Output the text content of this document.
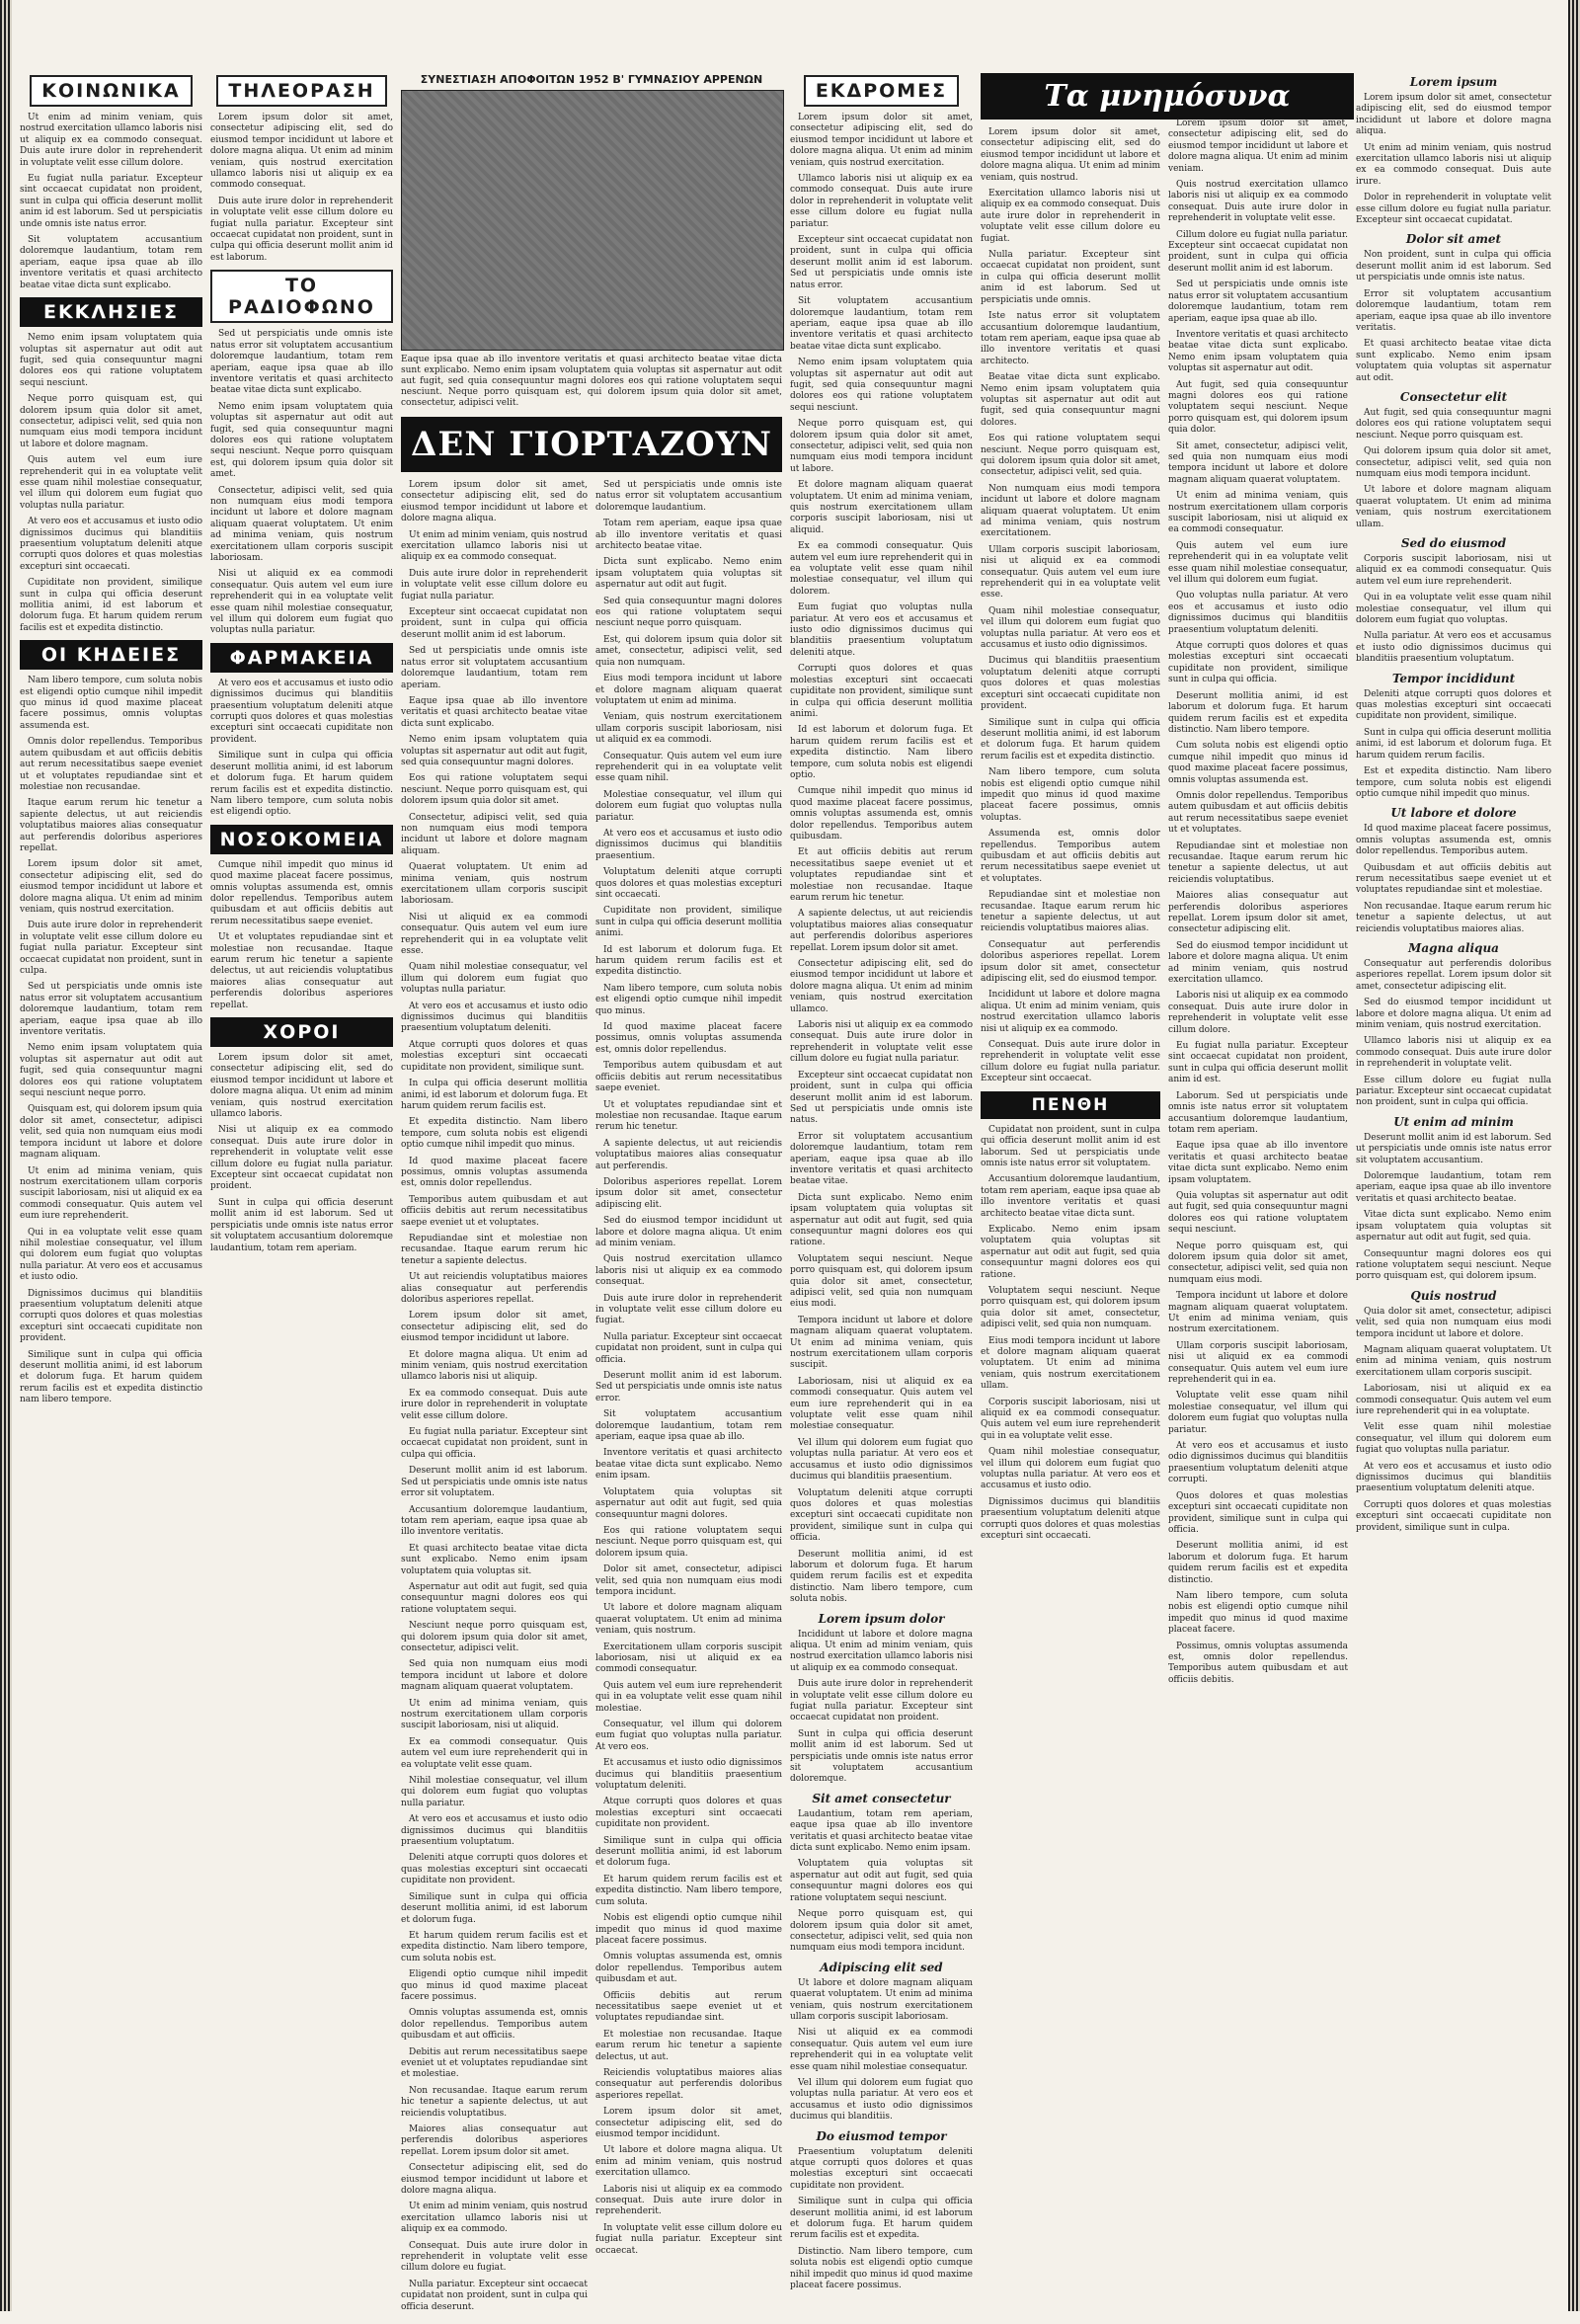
ΚΟΙΝΩΝΙΚΑ

Ut enim ad minim veniam, quis nostrud exercitation ullamco laboris nisi ut aliquip ex ea commodo consequat. Duis aute irure dolor in reprehenderit in voluptate velit esse cillum dolore.

Eu fugiat nulla pariatur. Excepteur sint occaecat cupidatat non proident, sunt in culpa qui officia deserunt mollit anim id est laborum. Sed ut perspiciatis unde omnis iste natus error.

Sit voluptatem accusantium doloremque laudantium, totam rem aperiam, eaque ipsa quae ab illo inventore veritatis et quasi architecto beatae vitae dicta sunt explicabo.

ΕΚΚΛΗΣΙΕΣ

Nemo enim ipsam voluptatem quia voluptas sit aspernatur aut odit aut fugit, sed quia consequuntur magni dolores eos qui ratione voluptatem sequi nesciunt.

Neque porro quisquam est, qui dolorem ipsum quia dolor sit amet, consectetur, adipisci velit, sed quia non numquam eius modi tempora incidunt ut labore et dolore magnam.

Quis autem vel eum iure reprehenderit qui in ea voluptate velit esse quam nihil molestiae consequatur, vel illum qui dolorem eum fugiat quo voluptas nulla pariatur.

At vero eos et accusamus et iusto odio dignissimos ducimus qui blanditiis praesentium voluptatum deleniti atque corrupti quos dolores et quas molestias excepturi sint occaecati.

Cupiditate non provident, similique sunt in culpa qui officia deserunt mollitia animi, id est laborum et dolorum fuga. Et harum quidem rerum facilis est et expedita distinctio.

ΟΙ ΚΗΔΕΙΕΣ

Nam libero tempore, cum soluta nobis est eligendi optio cumque nihil impedit quo minus id quod maxime placeat facere possimus, omnis voluptas assumenda est.

Omnis dolor repellendus. Temporibus autem quibusdam et aut officiis debitis aut rerum necessitatibus saepe eveniet ut et voluptates repudiandae sint et molestiae non recusandae.

Itaque earum rerum hic tenetur a sapiente delectus, ut aut reiciendis voluptatibus maiores alias consequatur aut perferendis doloribus asperiores repellat.

Lorem ipsum dolor sit amet, consectetur adipiscing elit, sed do eiusmod tempor incididunt ut labore et dolore magna aliqua. Ut enim ad minim veniam, quis nostrud exercitation.

Duis aute irure dolor in reprehenderit in voluptate velit esse cillum dolore eu fugiat nulla pariatur. Excepteur sint occaecat cupidatat non proident, sunt in culpa.

Sed ut perspiciatis unde omnis iste natus error sit voluptatem accusantium doloremque laudantium, totam rem aperiam, eaque ipsa quae ab illo inventore veritatis.

Nemo enim ipsam voluptatem quia voluptas sit aspernatur aut odit aut fugit, sed quia consequuntur magni dolores eos qui ratione voluptatem sequi nesciunt neque porro.

Quisquam est, qui dolorem ipsum quia dolor sit amet, consectetur, adipisci velit, sed quia non numquam eius modi tempora incidunt ut labore et dolore magnam aliquam.

Ut enim ad minima veniam, quis nostrum exercitationem ullam corporis suscipit laboriosam, nisi ut aliquid ex ea commodi consequatur. Quis autem vel eum iure reprehenderit.

Qui in ea voluptate velit esse quam nihil molestiae consequatur, vel illum qui dolorem eum fugiat quo voluptas nulla pariatur. At vero eos et accusamus et iusto odio.

Dignissimos ducimus qui blanditiis praesentium voluptatum deleniti atque corrupti quos dolores et quas molestias excepturi sint occaecati cupiditate non provident.

Similique sunt in culpa qui officia deserunt mollitia animi, id est laborum et dolorum fuga. Et harum quidem rerum facilis est et expedita distinctio nam libero tempore.

ΤΗΛΕΟΡΑΣΗ

Lorem ipsum dolor sit amet, consectetur adipiscing elit, sed do eiusmod tempor incididunt ut labore et dolore magna aliqua. Ut enim ad minim veniam, quis nostrud exercitation ullamco laboris nisi ut aliquip ex ea commodo consequat.

Duis aute irure dolor in reprehenderit in voluptate velit esse cillum dolore eu fugiat nulla pariatur. Excepteur sint occaecat cupidatat non proident, sunt in culpa qui officia deserunt mollit anim id est laborum.

ΤΟ ΡΑΔΙΟΦΩΝΟ

Sed ut perspiciatis unde omnis iste natus error sit voluptatem accusantium doloremque laudantium, totam rem aperiam, eaque ipsa quae ab illo inventore veritatis et quasi architecto beatae vitae dicta sunt explicabo.

Nemo enim ipsam voluptatem quia voluptas sit aspernatur aut odit aut fugit, sed quia consequuntur magni dolores eos qui ratione voluptatem sequi nesciunt. Neque porro quisquam est, qui dolorem ipsum quia dolor sit amet.

Consectetur, adipisci velit, sed quia non numquam eius modi tempora incidunt ut labore et dolore magnam aliquam quaerat voluptatem. Ut enim ad minima veniam, quis nostrum exercitationem ullam corporis suscipit laboriosam.

Nisi ut aliquid ex ea commodi consequatur. Quis autem vel eum iure reprehenderit qui in ea voluptate velit esse quam nihil molestiae consequatur, vel illum qui dolorem eum fugiat quo voluptas nulla pariatur.

ΦΑΡΜΑΚΕΙΑ

At vero eos et accusamus et iusto odio dignissimos ducimus qui blanditiis praesentium voluptatum deleniti atque corrupti quos dolores et quas molestias excepturi sint occaecati cupiditate non provident.

Similique sunt in culpa qui officia deserunt mollitia animi, id est laborum et dolorum fuga. Et harum quidem rerum facilis est et expedita distinctio. Nam libero tempore, cum soluta nobis est eligendi optio.

ΝΟΣΟΚΟΜΕΙΑ

Cumque nihil impedit quo minus id quod maxime placeat facere possimus, omnis voluptas assumenda est, omnis dolor repellendus. Temporibus autem quibusdam et aut officiis debitis aut rerum necessitatibus saepe eveniet.

Ut et voluptates repudiandae sint et molestiae non recusandae. Itaque earum rerum hic tenetur a sapiente delectus, ut aut reiciendis voluptatibus maiores alias consequatur aut perferendis doloribus asperiores repellat.

ΧΟΡΟΙ

Lorem ipsum dolor sit amet, consectetur adipiscing elit, sed do eiusmod tempor incididunt ut labore et dolore magna aliqua. Ut enim ad minim veniam, quis nostrud exercitation ullamco laboris.

Nisi ut aliquip ex ea commodo consequat. Duis aute irure dolor in reprehenderit in voluptate velit esse cillum dolore eu fugiat nulla pariatur. Excepteur sint occaecat cupidatat non proident.

Sunt in culpa qui officia deserunt mollit anim id est laborum. Sed ut perspiciatis unde omnis iste natus error sit voluptatem accusantium doloremque laudantium, totam rem aperiam.

ΣΥΝΕΣΤΙΑΣΗ ΑΠΟΦΟΙΤΩΝ 1952 Β' ΓΥΜΝΑΣΙΟΥ ΑΡΡΕΝΩΝ
Eaque ipsa quae ab illo inventore veritatis et quasi architecto beatae vitae dicta sunt explicabo. Nemo enim ipsam voluptatem quia voluptas sit aspernatur aut odit aut fugit, sed quia consequuntur magni dolores eos qui ratione voluptatem sequi nesciunt. Neque porro quisquam est, qui dolorem ipsum quia dolor sit amet, consectetur, adipisci velit.
ΔΕΝ ΓΙΟΡΤΑΖΟΥΝ

Lorem ipsum dolor sit amet, consectetur adipiscing elit, sed do eiusmod tempor incididunt ut labore et dolore magna aliqua.

Ut enim ad minim veniam, quis nostrud exercitation ullamco laboris nisi ut aliquip ex ea commodo consequat.

Duis aute irure dolor in reprehenderit in voluptate velit esse cillum dolore eu fugiat nulla pariatur.

Excepteur sint occaecat cupidatat non proident, sunt in culpa qui officia deserunt mollit anim id est laborum.

Sed ut perspiciatis unde omnis iste natus error sit voluptatem accusantium doloremque laudantium, totam rem aperiam.

Eaque ipsa quae ab illo inventore veritatis et quasi architecto beatae vitae dicta sunt explicabo.

Nemo enim ipsam voluptatem quia voluptas sit aspernatur aut odit aut fugit, sed quia consequuntur magni dolores.

Eos qui ratione voluptatem sequi nesciunt. Neque porro quisquam est, qui dolorem ipsum quia dolor sit amet.

Consectetur, adipisci velit, sed quia non numquam eius modi tempora incidunt ut labore et dolore magnam aliquam.

Quaerat voluptatem. Ut enim ad minima veniam, quis nostrum exercitationem ullam corporis suscipit laboriosam.

Nisi ut aliquid ex ea commodi consequatur. Quis autem vel eum iure reprehenderit qui in ea voluptate velit esse.

Quam nihil molestiae consequatur, vel illum qui dolorem eum fugiat quo voluptas nulla pariatur.

At vero eos et accusamus et iusto odio dignissimos ducimus qui blanditiis praesentium voluptatum deleniti.

Atque corrupti quos dolores et quas molestias excepturi sint occaecati cupiditate non provident, similique sunt.

In culpa qui officia deserunt mollitia animi, id est laborum et dolorum fuga. Et harum quidem rerum facilis est.

Et expedita distinctio. Nam libero tempore, cum soluta nobis est eligendi optio cumque nihil impedit quo minus.

Id quod maxime placeat facere possimus, omnis voluptas assumenda est, omnis dolor repellendus.

Temporibus autem quibusdam et aut officiis debitis aut rerum necessitatibus saepe eveniet ut et voluptates.

Repudiandae sint et molestiae non recusandae. Itaque earum rerum hic tenetur a sapiente delectus.

Ut aut reiciendis voluptatibus maiores alias consequatur aut perferendis doloribus asperiores repellat.

Lorem ipsum dolor sit amet, consectetur adipiscing elit, sed do eiusmod tempor incididunt ut labore.

Et dolore magna aliqua. Ut enim ad minim veniam, quis nostrud exercitation ullamco laboris nisi ut aliquip.

Ex ea commodo consequat. Duis aute irure dolor in reprehenderit in voluptate velit esse cillum dolore.

Eu fugiat nulla pariatur. Excepteur sint occaecat cupidatat non proident, sunt in culpa qui officia.

Deserunt mollit anim id est laborum. Sed ut perspiciatis unde omnis iste natus error sit voluptatem.

Accusantium doloremque laudantium, totam rem aperiam, eaque ipsa quae ab illo inventore veritatis.

Et quasi architecto beatae vitae dicta sunt explicabo. Nemo enim ipsam voluptatem quia voluptas sit.

Aspernatur aut odit aut fugit, sed quia consequuntur magni dolores eos qui ratione voluptatem sequi.

Nesciunt neque porro quisquam est, qui dolorem ipsum quia dolor sit amet, consectetur, adipisci velit.

Sed quia non numquam eius modi tempora incidunt ut labore et dolore magnam aliquam quaerat voluptatem.

Ut enim ad minima veniam, quis nostrum exercitationem ullam corporis suscipit laboriosam, nisi ut aliquid.

Ex ea commodi consequatur. Quis autem vel eum iure reprehenderit qui in ea voluptate velit esse quam.

Nihil molestiae consequatur, vel illum qui dolorem eum fugiat quo voluptas nulla pariatur.

At vero eos et accusamus et iusto odio dignissimos ducimus qui blanditiis praesentium voluptatum.

Deleniti atque corrupti quos dolores et quas molestias excepturi sint occaecati cupiditate non provident.

Similique sunt in culpa qui officia deserunt mollitia animi, id est laborum et dolorum fuga.

Et harum quidem rerum facilis est et expedita distinctio. Nam libero tempore, cum soluta nobis est.

Eligendi optio cumque nihil impedit quo minus id quod maxime placeat facere possimus.

Omnis voluptas assumenda est, omnis dolor repellendus. Temporibus autem quibusdam et aut officiis.

Debitis aut rerum necessitatibus saepe eveniet ut et voluptates repudiandae sint et molestiae.

Non recusandae. Itaque earum rerum hic tenetur a sapiente delectus, ut aut reiciendis voluptatibus.

Maiores alias consequatur aut perferendis doloribus asperiores repellat. Lorem ipsum dolor sit amet.

Consectetur adipiscing elit, sed do eiusmod tempor incididunt ut labore et dolore magna aliqua.

Ut enim ad minim veniam, quis nostrud exercitation ullamco laboris nisi ut aliquip ex ea commodo.

Consequat. Duis aute irure dolor in reprehenderit in voluptate velit esse cillum dolore eu fugiat.

Nulla pariatur. Excepteur sint occaecat cupidatat non proident, sunt in culpa qui officia deserunt.

Sed ut perspiciatis unde omnis iste natus error sit voluptatem accusantium doloremque laudantium.

Totam rem aperiam, eaque ipsa quae ab illo inventore veritatis et quasi architecto beatae vitae.

Dicta sunt explicabo. Nemo enim ipsam voluptatem quia voluptas sit aspernatur aut odit aut fugit.

Sed quia consequuntur magni dolores eos qui ratione voluptatem sequi nesciunt neque porro quisquam.

Est, qui dolorem ipsum quia dolor sit amet, consectetur, adipisci velit, sed quia non numquam.

Eius modi tempora incidunt ut labore et dolore magnam aliquam quaerat voluptatem ut enim ad minima.

Veniam, quis nostrum exercitationem ullam corporis suscipit laboriosam, nisi ut aliquid ex ea commodi.

Consequatur. Quis autem vel eum iure reprehenderit qui in ea voluptate velit esse quam nihil.

Molestiae consequatur, vel illum qui dolorem eum fugiat quo voluptas nulla pariatur.

At vero eos et accusamus et iusto odio dignissimos ducimus qui blanditiis praesentium.

Voluptatum deleniti atque corrupti quos dolores et quas molestias excepturi sint occaecati.

Cupiditate non provident, similique sunt in culpa qui officia deserunt mollitia animi.

Id est laborum et dolorum fuga. Et harum quidem rerum facilis est et expedita distinctio.

Nam libero tempore, cum soluta nobis est eligendi optio cumque nihil impedit quo minus.

Id quod maxime placeat facere possimus, omnis voluptas assumenda est, omnis dolor repellendus.

Temporibus autem quibusdam et aut officiis debitis aut rerum necessitatibus saepe eveniet.

Ut et voluptates repudiandae sint et molestiae non recusandae. Itaque earum rerum hic tenetur.

A sapiente delectus, ut aut reiciendis voluptatibus maiores alias consequatur aut perferendis.

Doloribus asperiores repellat. Lorem ipsum dolor sit amet, consectetur adipiscing elit.

Sed do eiusmod tempor incididunt ut labore et dolore magna aliqua. Ut enim ad minim veniam.

Quis nostrud exercitation ullamco laboris nisi ut aliquip ex ea commodo consequat.

Duis aute irure dolor in reprehenderit in voluptate velit esse cillum dolore eu fugiat.

Nulla pariatur. Excepteur sint occaecat cupidatat non proident, sunt in culpa qui officia.

Deserunt mollit anim id est laborum. Sed ut perspiciatis unde omnis iste natus error.

Sit voluptatem accusantium doloremque laudantium, totam rem aperiam, eaque ipsa quae ab illo.

Inventore veritatis et quasi architecto beatae vitae dicta sunt explicabo. Nemo enim ipsam.

Voluptatem quia voluptas sit aspernatur aut odit aut fugit, sed quia consequuntur magni dolores.

Eos qui ratione voluptatem sequi nesciunt. Neque porro quisquam est, qui dolorem ipsum quia.

Dolor sit amet, consectetur, adipisci velit, sed quia non numquam eius modi tempora incidunt.

Ut labore et dolore magnam aliquam quaerat voluptatem. Ut enim ad minima veniam, quis nostrum.

Exercitationem ullam corporis suscipit laboriosam, nisi ut aliquid ex ea commodi consequatur.

Quis autem vel eum iure reprehenderit qui in ea voluptate velit esse quam nihil molestiae.

Consequatur, vel illum qui dolorem eum fugiat quo voluptas nulla pariatur. At vero eos.

Et accusamus et iusto odio dignissimos ducimus qui blanditiis praesentium voluptatum deleniti.

Atque corrupti quos dolores et quas molestias excepturi sint occaecati cupiditate non provident.

Similique sunt in culpa qui officia deserunt mollitia animi, id est laborum et dolorum fuga.

Et harum quidem rerum facilis est et expedita distinctio. Nam libero tempore, cum soluta.

Nobis est eligendi optio cumque nihil impedit quo minus id quod maxime placeat facere possimus.

Omnis voluptas assumenda est, omnis dolor repellendus. Temporibus autem quibusdam et aut.

Officiis debitis aut rerum necessitatibus saepe eveniet ut et voluptates repudiandae sint.

Et molestiae non recusandae. Itaque earum rerum hic tenetur a sapiente delectus, ut aut.

Reiciendis voluptatibus maiores alias consequatur aut perferendis doloribus asperiores repellat.

Lorem ipsum dolor sit amet, consectetur adipiscing elit, sed do eiusmod tempor incididunt.

Ut labore et dolore magna aliqua. Ut enim ad minim veniam, quis nostrud exercitation ullamco.

Laboris nisi ut aliquip ex ea commodo consequat. Duis aute irure dolor in reprehenderit.

In voluptate velit esse cillum dolore eu fugiat nulla pariatur. Excepteur sint occaecat.

ΕΚΔΡΟΜΕΣ

Lorem ipsum dolor sit amet, consectetur adipiscing elit, sed do eiusmod tempor incididunt ut labore et dolore magna aliqua. Ut enim ad minim veniam, quis nostrud exercitation.

Ullamco laboris nisi ut aliquip ex ea commodo consequat. Duis aute irure dolor in reprehenderit in voluptate velit esse cillum dolore eu fugiat nulla pariatur.

Excepteur sint occaecat cupidatat non proident, sunt in culpa qui officia deserunt mollit anim id est laborum. Sed ut perspiciatis unde omnis iste natus error.

Sit voluptatem accusantium doloremque laudantium, totam rem aperiam, eaque ipsa quae ab illo inventore veritatis et quasi architecto beatae vitae dicta sunt explicabo.

Nemo enim ipsam voluptatem quia voluptas sit aspernatur aut odit aut fugit, sed quia consequuntur magni dolores eos qui ratione voluptatem sequi nesciunt.

Neque porro quisquam est, qui dolorem ipsum quia dolor sit amet, consectetur, adipisci velit, sed quia non numquam eius modi tempora incidunt ut labore.

Et dolore magnam aliquam quaerat voluptatem. Ut enim ad minima veniam, quis nostrum exercitationem ullam corporis suscipit laboriosam, nisi ut aliquid.

Ex ea commodi consequatur. Quis autem vel eum iure reprehenderit qui in ea voluptate velit esse quam nihil molestiae consequatur, vel illum qui dolorem.

Eum fugiat quo voluptas nulla pariatur. At vero eos et accusamus et iusto odio dignissimos ducimus qui blanditiis praesentium voluptatum deleniti atque.

Corrupti quos dolores et quas molestias excepturi sint occaecati cupiditate non provident, similique sunt in culpa qui officia deserunt mollitia animi.

Id est laborum et dolorum fuga. Et harum quidem rerum facilis est et expedita distinctio. Nam libero tempore, cum soluta nobis est eligendi optio.

Cumque nihil impedit quo minus id quod maxime placeat facere possimus, omnis voluptas assumenda est, omnis dolor repellendus. Temporibus autem quibusdam.

Et aut officiis debitis aut rerum necessitatibus saepe eveniet ut et voluptates repudiandae sint et molestiae non recusandae. Itaque earum rerum hic tenetur.

A sapiente delectus, ut aut reiciendis voluptatibus maiores alias consequatur aut perferendis doloribus asperiores repellat. Lorem ipsum dolor sit amet.

Consectetur adipiscing elit, sed do eiusmod tempor incididunt ut labore et dolore magna aliqua. Ut enim ad minim veniam, quis nostrud exercitation ullamco.

Laboris nisi ut aliquip ex ea commodo consequat. Duis aute irure dolor in reprehenderit in voluptate velit esse cillum dolore eu fugiat nulla pariatur.

Excepteur sint occaecat cupidatat non proident, sunt in culpa qui officia deserunt mollit anim id est laborum. Sed ut perspiciatis unde omnis iste natus.

Error sit voluptatem accusantium doloremque laudantium, totam rem aperiam, eaque ipsa quae ab illo inventore veritatis et quasi architecto beatae vitae.

Dicta sunt explicabo. Nemo enim ipsam voluptatem quia voluptas sit aspernatur aut odit aut fugit, sed quia consequuntur magni dolores eos qui ratione.

Voluptatem sequi nesciunt. Neque porro quisquam est, qui dolorem ipsum quia dolor sit amet, consectetur, adipisci velit, sed quia non numquam eius modi.

Tempora incidunt ut labore et dolore magnam aliquam quaerat voluptatem. Ut enim ad minima veniam, quis nostrum exercitationem ullam corporis suscipit.

Laboriosam, nisi ut aliquid ex ea commodi consequatur. Quis autem vel eum iure reprehenderit qui in ea voluptate velit esse quam nihil molestiae consequatur.

Vel illum qui dolorem eum fugiat quo voluptas nulla pariatur. At vero eos et accusamus et iusto odio dignissimos ducimus qui blanditiis praesentium.

Voluptatum deleniti atque corrupti quos dolores et quas molestias excepturi sint occaecati cupiditate non provident, similique sunt in culpa qui officia.

Deserunt mollitia animi, id est laborum et dolorum fuga. Et harum quidem rerum facilis est et expedita distinctio. Nam libero tempore, cum soluta nobis.

Lorem ipsum dolor

Incididunt ut labore et dolore magna aliqua. Ut enim ad minim veniam, quis nostrud exercitation ullamco laboris nisi ut aliquip ex ea commodo consequat.

Duis aute irure dolor in reprehenderit in voluptate velit esse cillum dolore eu fugiat nulla pariatur. Excepteur sint occaecat cupidatat non proident.

Sunt in culpa qui officia deserunt mollit anim id est laborum. Sed ut perspiciatis unde omnis iste natus error sit voluptatem accusantium doloremque.

Sit amet consectetur

Laudantium, totam rem aperiam, eaque ipsa quae ab illo inventore veritatis et quasi architecto beatae vitae dicta sunt explicabo. Nemo enim ipsam.

Voluptatem quia voluptas sit aspernatur aut odit aut fugit, sed quia consequuntur magni dolores eos qui ratione voluptatem sequi nesciunt.

Neque porro quisquam est, qui dolorem ipsum quia dolor sit amet, consectetur, adipisci velit, sed quia non numquam eius modi tempora incidunt.

Adipiscing elit sed

Ut labore et dolore magnam aliquam quaerat voluptatem. Ut enim ad minima veniam, quis nostrum exercitationem ullam corporis suscipit laboriosam.

Nisi ut aliquid ex ea commodi consequatur. Quis autem vel eum iure reprehenderit qui in ea voluptate velit esse quam nihil molestiae consequatur.

Vel illum qui dolorem eum fugiat quo voluptas nulla pariatur. At vero eos et accusamus et iusto odio dignissimos ducimus qui blanditiis.

Do eiusmod tempor

Praesentium voluptatum deleniti atque corrupti quos dolores et quas molestias excepturi sint occaecati cupiditate non provident.

Similique sunt in culpa qui officia deserunt mollitia animi, id est laborum et dolorum fuga. Et harum quidem rerum facilis est et expedita.

Distinctio. Nam libero tempore, cum soluta nobis est eligendi optio cumque nihil impedit quo minus id quod maxime placeat facere possimus.

Τα μνημόσυνα

Lorem ipsum dolor sit amet, consectetur adipiscing elit, sed do eiusmod tempor incididunt ut labore et dolore magna aliqua. Ut enim ad minim veniam, quis nostrud.

Exercitation ullamco laboris nisi ut aliquip ex ea commodo consequat. Duis aute irure dolor in reprehenderit in voluptate velit esse cillum dolore eu fugiat.

Nulla pariatur. Excepteur sint occaecat cupidatat non proident, sunt in culpa qui officia deserunt mollit anim id est laborum. Sed ut perspiciatis unde omnis.

Iste natus error sit voluptatem accusantium doloremque laudantium, totam rem aperiam, eaque ipsa quae ab illo inventore veritatis et quasi architecto.

Beatae vitae dicta sunt explicabo. Nemo enim ipsam voluptatem quia voluptas sit aspernatur aut odit aut fugit, sed quia consequuntur magni dolores.

Eos qui ratione voluptatem sequi nesciunt. Neque porro quisquam est, qui dolorem ipsum quia dolor sit amet, consectetur, adipisci velit, sed quia.

Non numquam eius modi tempora incidunt ut labore et dolore magnam aliquam quaerat voluptatem. Ut enim ad minima veniam, quis nostrum exercitationem.

Ullam corporis suscipit laboriosam, nisi ut aliquid ex ea commodi consequatur. Quis autem vel eum iure reprehenderit qui in ea voluptate velit esse.

Quam nihil molestiae consequatur, vel illum qui dolorem eum fugiat quo voluptas nulla pariatur. At vero eos et accusamus et iusto odio dignissimos.

Ducimus qui blanditiis praesentium voluptatum deleniti atque corrupti quos dolores et quas molestias excepturi sint occaecati cupiditate non provident.

Similique sunt in culpa qui officia deserunt mollitia animi, id est laborum et dolorum fuga. Et harum quidem rerum facilis est et expedita distinctio.

Nam libero tempore, cum soluta nobis est eligendi optio cumque nihil impedit quo minus id quod maxime placeat facere possimus, omnis voluptas.

Assumenda est, omnis dolor repellendus. Temporibus autem quibusdam et aut officiis debitis aut rerum necessitatibus saepe eveniet ut et voluptates.

Repudiandae sint et molestiae non recusandae. Itaque earum rerum hic tenetur a sapiente delectus, ut aut reiciendis voluptatibus maiores alias.

Consequatur aut perferendis doloribus asperiores repellat. Lorem ipsum dolor sit amet, consectetur adipiscing elit, sed do eiusmod tempor.

Incididunt ut labore et dolore magna aliqua. Ut enim ad minim veniam, quis nostrud exercitation ullamco laboris nisi ut aliquip ex ea commodo.

Consequat. Duis aute irure dolor in reprehenderit in voluptate velit esse cillum dolore eu fugiat nulla pariatur. Excepteur sint occaecat.

ΠΕΝΘΗ

Cupidatat non proident, sunt in culpa qui officia deserunt mollit anim id est laborum. Sed ut perspiciatis unde omnis iste natus error sit voluptatem.

Accusantium doloremque laudantium, totam rem aperiam, eaque ipsa quae ab illo inventore veritatis et quasi architecto beatae vitae dicta sunt.

Explicabo. Nemo enim ipsam voluptatem quia voluptas sit aspernatur aut odit aut fugit, sed quia consequuntur magni dolores eos qui ratione.

Voluptatem sequi nesciunt. Neque porro quisquam est, qui dolorem ipsum quia dolor sit amet, consectetur, adipisci velit, sed quia non numquam.

Eius modi tempora incidunt ut labore et dolore magnam aliquam quaerat voluptatem. Ut enim ad minima veniam, quis nostrum exercitationem ullam.

Corporis suscipit laboriosam, nisi ut aliquid ex ea commodi consequatur. Quis autem vel eum iure reprehenderit qui in ea voluptate velit esse.

Quam nihil molestiae consequatur, vel illum qui dolorem eum fugiat quo voluptas nulla pariatur. At vero eos et accusamus et iusto odio.

Dignissimos ducimus qui blanditiis praesentium voluptatum deleniti atque corrupti quos dolores et quas molestias excepturi sint occaecati.

Lorem ipsum dolor sit amet, consectetur adipiscing elit, sed do eiusmod tempor incididunt ut labore et dolore magna aliqua. Ut enim ad minim veniam.

Quis nostrud exercitation ullamco laboris nisi ut aliquip ex ea commodo consequat. Duis aute irure dolor in reprehenderit in voluptate velit esse.

Cillum dolore eu fugiat nulla pariatur. Excepteur sint occaecat cupidatat non proident, sunt in culpa qui officia deserunt mollit anim id est laborum.

Sed ut perspiciatis unde omnis iste natus error sit voluptatem accusantium doloremque laudantium, totam rem aperiam, eaque ipsa quae ab illo.

Inventore veritatis et quasi architecto beatae vitae dicta sunt explicabo. Nemo enim ipsam voluptatem quia voluptas sit aspernatur aut odit.

Aut fugit, sed quia consequuntur magni dolores eos qui ratione voluptatem sequi nesciunt. Neque porro quisquam est, qui dolorem ipsum quia dolor.

Sit amet, consectetur, adipisci velit, sed quia non numquam eius modi tempora incidunt ut labore et dolore magnam aliquam quaerat voluptatem.

Ut enim ad minima veniam, quis nostrum exercitationem ullam corporis suscipit laboriosam, nisi ut aliquid ex ea commodi consequatur.

Quis autem vel eum iure reprehenderit qui in ea voluptate velit esse quam nihil molestiae consequatur, vel illum qui dolorem eum fugiat.

Quo voluptas nulla pariatur. At vero eos et accusamus et iusto odio dignissimos ducimus qui blanditiis praesentium voluptatum deleniti.

Atque corrupti quos dolores et quas molestias excepturi sint occaecati cupiditate non provident, similique sunt in culpa qui officia.

Deserunt mollitia animi, id est laborum et dolorum fuga. Et harum quidem rerum facilis est et expedita distinctio. Nam libero tempore.

Cum soluta nobis est eligendi optio cumque nihil impedit quo minus id quod maxime placeat facere possimus, omnis voluptas assumenda est.

Omnis dolor repellendus. Temporibus autem quibusdam et aut officiis debitis aut rerum necessitatibus saepe eveniet ut et voluptates.

Repudiandae sint et molestiae non recusandae. Itaque earum rerum hic tenetur a sapiente delectus, ut aut reiciendis voluptatibus.

Maiores alias consequatur aut perferendis doloribus asperiores repellat. Lorem ipsum dolor sit amet, consectetur adipiscing elit.

Sed do eiusmod tempor incididunt ut labore et dolore magna aliqua. Ut enim ad minim veniam, quis nostrud exercitation ullamco.

Laboris nisi ut aliquip ex ea commodo consequat. Duis aute irure dolor in reprehenderit in voluptate velit esse cillum dolore.

Eu fugiat nulla pariatur. Excepteur sint occaecat cupidatat non proident, sunt in culpa qui officia deserunt mollit anim id est.

Laborum. Sed ut perspiciatis unde omnis iste natus error sit voluptatem accusantium doloremque laudantium, totam rem aperiam.

Eaque ipsa quae ab illo inventore veritatis et quasi architecto beatae vitae dicta sunt explicabo. Nemo enim ipsam voluptatem.

Quia voluptas sit aspernatur aut odit aut fugit, sed quia consequuntur magni dolores eos qui ratione voluptatem sequi nesciunt.

Neque porro quisquam est, qui dolorem ipsum quia dolor sit amet, consectetur, adipisci velit, sed quia non numquam eius modi.

Tempora incidunt ut labore et dolore magnam aliquam quaerat voluptatem. Ut enim ad minima veniam, quis nostrum exercitationem.

Ullam corporis suscipit laboriosam, nisi ut aliquid ex ea commodi consequatur. Quis autem vel eum iure reprehenderit qui in ea.

Voluptate velit esse quam nihil molestiae consequatur, vel illum qui dolorem eum fugiat quo voluptas nulla pariatur.

At vero eos et accusamus et iusto odio dignissimos ducimus qui blanditiis praesentium voluptatum deleniti atque corrupti.

Quos dolores et quas molestias excepturi sint occaecati cupiditate non provident, similique sunt in culpa qui officia.

Deserunt mollitia animi, id est laborum et dolorum fuga. Et harum quidem rerum facilis est et expedita distinctio.

Nam libero tempore, cum soluta nobis est eligendi optio cumque nihil impedit quo minus id quod maxime placeat facere.

Possimus, omnis voluptas assumenda est, omnis dolor repellendus. Temporibus autem quibusdam et aut officiis debitis.

Lorem ipsum

Lorem ipsum dolor sit amet, consectetur adipiscing elit, sed do eiusmod tempor incididunt ut labore et dolore magna aliqua.

Ut enim ad minim veniam, quis nostrud exercitation ullamco laboris nisi ut aliquip ex ea commodo consequat. Duis aute irure.

Dolor in reprehenderit in voluptate velit esse cillum dolore eu fugiat nulla pariatur. Excepteur sint occaecat cupidatat.

Dolor sit amet

Non proident, sunt in culpa qui officia deserunt mollit anim id est laborum. Sed ut perspiciatis unde omnis iste natus.

Error sit voluptatem accusantium doloremque laudantium, totam rem aperiam, eaque ipsa quae ab illo inventore veritatis.

Et quasi architecto beatae vitae dicta sunt explicabo. Nemo enim ipsam voluptatem quia voluptas sit aspernatur aut odit.

Consectetur elit

Aut fugit, sed quia consequuntur magni dolores eos qui ratione voluptatem sequi nesciunt. Neque porro quisquam est.

Qui dolorem ipsum quia dolor sit amet, consectetur, adipisci velit, sed quia non numquam eius modi tempora incidunt.

Ut labore et dolore magnam aliquam quaerat voluptatem. Ut enim ad minima veniam, quis nostrum exercitationem ullam.

Sed do eiusmod

Corporis suscipit laboriosam, nisi ut aliquid ex ea commodi consequatur. Quis autem vel eum iure reprehenderit.

Qui in ea voluptate velit esse quam nihil molestiae consequatur, vel illum qui dolorem eum fugiat quo voluptas.

Nulla pariatur. At vero eos et accusamus et iusto odio dignissimos ducimus qui blanditiis praesentium voluptatum.

Tempor incididunt

Deleniti atque corrupti quos dolores et quas molestias excepturi sint occaecati cupiditate non provident, similique.

Sunt in culpa qui officia deserunt mollitia animi, id est laborum et dolorum fuga. Et harum quidem rerum facilis.

Est et expedita distinctio. Nam libero tempore, cum soluta nobis est eligendi optio cumque nihil impedit quo minus.

Ut labore et dolore

Id quod maxime placeat facere possimus, omnis voluptas assumenda est, omnis dolor repellendus. Temporibus autem.

Quibusdam et aut officiis debitis aut rerum necessitatibus saepe eveniet ut et voluptates repudiandae sint et molestiae.

Non recusandae. Itaque earum rerum hic tenetur a sapiente delectus, ut aut reiciendis voluptatibus maiores alias.

Magna aliqua

Consequatur aut perferendis doloribus asperiores repellat. Lorem ipsum dolor sit amet, consectetur adipiscing elit.

Sed do eiusmod tempor incididunt ut labore et dolore magna aliqua. Ut enim ad minim veniam, quis nostrud exercitation.

Ullamco laboris nisi ut aliquip ex ea commodo consequat. Duis aute irure dolor in reprehenderit in voluptate velit.

Esse cillum dolore eu fugiat nulla pariatur. Excepteur sint occaecat cupidatat non proident, sunt in culpa qui officia.

Ut enim ad minim

Deserunt mollit anim id est laborum. Sed ut perspiciatis unde omnis iste natus error sit voluptatem accusantium.

Doloremque laudantium, totam rem aperiam, eaque ipsa quae ab illo inventore veritatis et quasi architecto beatae.

Vitae dicta sunt explicabo. Nemo enim ipsam voluptatem quia voluptas sit aspernatur aut odit aut fugit, sed quia.

Consequuntur magni dolores eos qui ratione voluptatem sequi nesciunt. Neque porro quisquam est, qui dolorem ipsum.

Quis nostrud

Quia dolor sit amet, consectetur, adipisci velit, sed quia non numquam eius modi tempora incidunt ut labore et dolore.

Magnam aliquam quaerat voluptatem. Ut enim ad minima veniam, quis nostrum exercitationem ullam corporis suscipit.

Laboriosam, nisi ut aliquid ex ea commodi consequatur. Quis autem vel eum iure reprehenderit qui in ea voluptate.

Velit esse quam nihil molestiae consequatur, vel illum qui dolorem eum fugiat quo voluptas nulla pariatur.

At vero eos et accusamus et iusto odio dignissimos ducimus qui blanditiis praesentium voluptatum deleniti atque.

Corrupti quos dolores et quas molestias excepturi sint occaecati cupiditate non provident, similique sunt in culpa.
